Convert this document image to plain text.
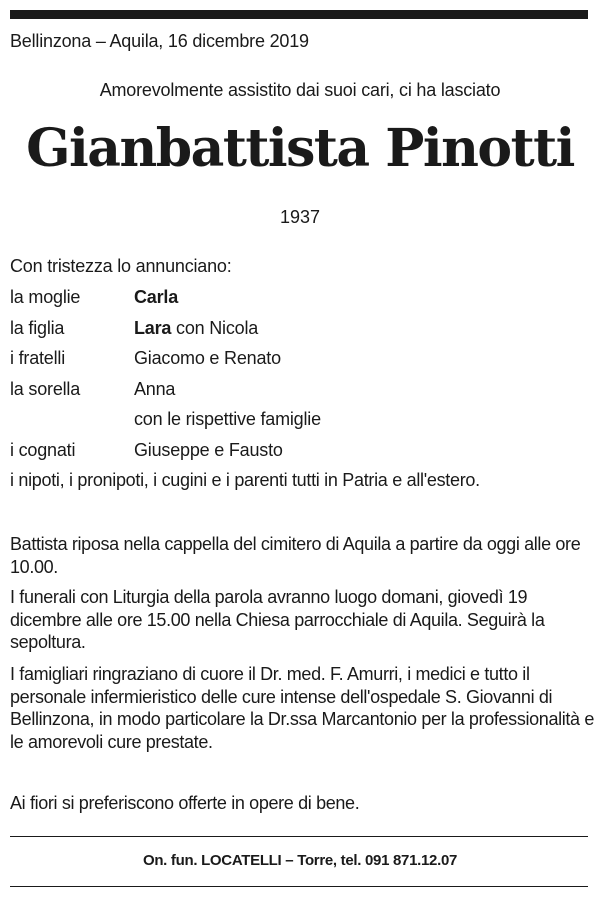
Bellinzona – Aquila, 16 dicembre 2019
Amorevolmente assistito dai suoi cari, ci ha lasciato
Gianbattista Pinotti
1937
Con tristezza lo annunciano:
la moglie	Carla
la figlia	Lara con Nicola
i fratelli	Giacomo e Renato
la sorella	Anna
con le rispettive famiglie
i cognati	Giuseppe e Fausto
i nipoti, i pronipoti, i cugini e i parenti tutti in Patria e all'estero.
Battista riposa nella cappella del cimitero di Aquila a partire da oggi alle ore 10.00.
I funerali con Liturgia della parola avranno luogo domani, giovedì 19 dicembre alle ore 15.00 nella Chiesa parrocchiale di Aquila. Seguirà la sepoltura.
I famigliari ringraziano di cuore il Dr. med. F. Amurri, i medici e tutto il personale infermieristico delle cure intense dell'ospedale S. Giovanni di Bellinzona, in modo particolare la Dr.ssa Marcantonio per la professionalità e le amorevoli cure prestate.
Ai fiori si preferiscono offerte in opere di bene.
On. fun. LOCATELLI – Torre, tel. 091 871.12.07
